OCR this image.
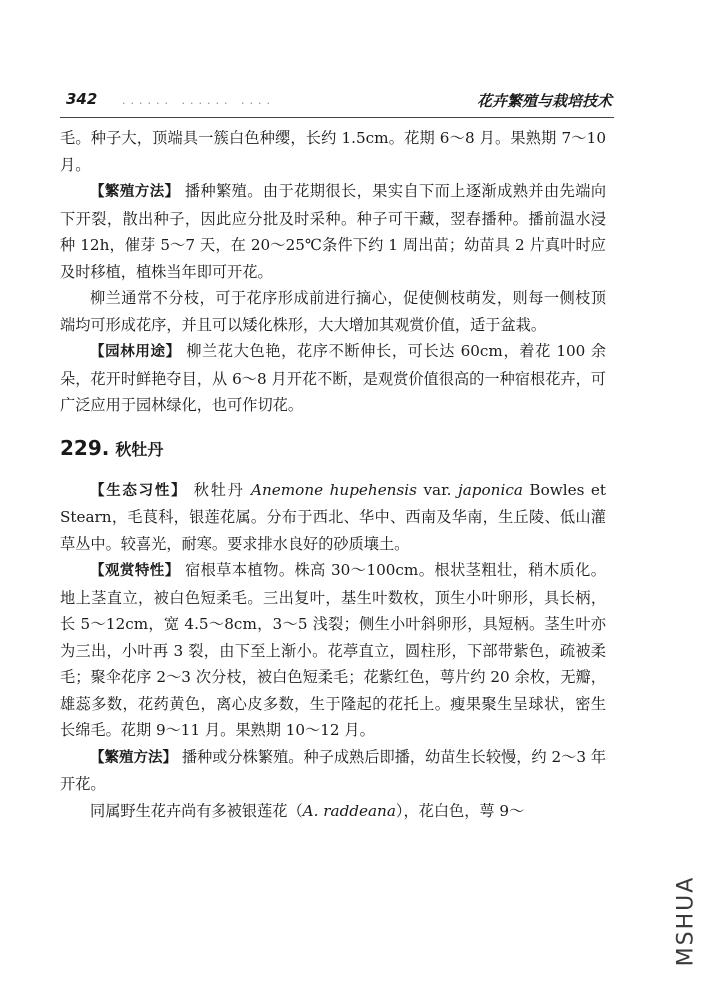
342 ...... ...... ....	花卉繁殖与栽培技术

毛。种子大，顶端具一簇白色种缨，长约 1.5cm。花期 6～8 月。果熟期 7～10 月。

【繁殖方法】 播种繁殖。由于花期很长，果实自下而上逐渐成熟并由先端向下开裂，散出种子，因此应分批及时采种。种子可干藏，翌春播种。播前温水浸种 12h，催芽 5～7 天，在 20～25℃条件下约 1 周出苗；幼苗具 2 片真叶时应及时移植，植株当年即可开花。

柳兰通常不分枝，可于花序形成前进行摘心，促使侧枝萌发，则每一侧枝顶端均可形成花序，并且可以矮化株形，大大增加其观赏价值，适于盆栽。

【园林用途】 柳兰花大色艳，花序不断伸长，可长达 60cm，着花 100 余朵，花开时鲜艳夺目，从 6～8 月开花不断，是观赏价值很高的一种宿根花卉，可广泛应用于园林绿化，也可作切花。

229. 秋牡丹

【生态习性】 秋牡丹 Anemone hupehensis var. japonica Bowles et Stearn，毛茛科，银莲花属。分布于西北、华中、西南及华南，生丘陵、低山灌草丛中。较喜光，耐寒。要求排水良好的砂质壤土。

【观赏特性】 宿根草本植物。株高 30～100cm。根状茎粗壮，稍木质化。地上茎直立，被白色短柔毛。三出复叶，基生叶数枚，顶生小叶卵形，具长柄，长 5～12cm，宽 4.5～8cm，3～5 浅裂；侧生小叶斜卵形，具短柄。茎生叶亦为三出，小叶再 3 裂，由下至上渐小。花葶直立，圆柱形，下部带紫色，疏被柔毛；聚伞花序 2～3 次分枝，被白色短柔毛；花紫红色，萼片约 20 余枚，无瓣，雄蕊多数，花药黄色，离心皮多数，生于隆起的花托上。瘦果聚生呈球状，密生长绵毛。花期 9～11 月。果熟期 10～12 月。

【繁殖方法】 播种或分株繁殖。种子成熟后即播，幼苗生长较慢，约 2～3 年开花。

同属野生花卉尚有多被银莲花（A. raddeana），花白色，萼 9～

MSHUA
